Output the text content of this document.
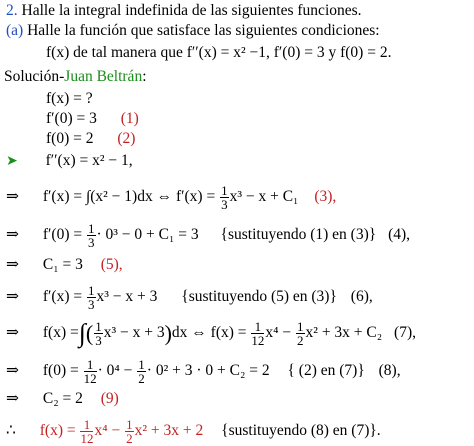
2. Halle la integral indefinida de las siguientes funciones.
(a) Halle la función que satisface las siguientes condiciones:
f(x) de tal manera que f′′(x) = x² −1, f′(0) = 3 y f(0) = 2.
Solución-Juan Beltrán:
f(x) = ?
f′(0) = 3 (1)
f(0) = 2 (2)
➤ f′′(x) = x² − 1,
⇒ f′(x) = ∫(x² − 1)dx ⇔ $f'(x) = \frac{1}{3} x^3 - x + C_1$ (3),
⇒ $f'(0) = \frac{1}{3} \cdot 0^3 - 0 + C_1 = 3$ {sustituyendo (1) en (3)} (4),
⇒ C₁ = 3 (5),
⇒ $f'(x) = \frac{1}{3} x^3 - x + 3$ {sustituyendo (5) en (3)} (6),
⇒ f(x) =∫( $\frac{1}{3} x^3 - x + 3)dx$ ⇔ $f(x) = \frac{1}{12} x^4 - \frac{1}{2} x^2 + 3x + C_2$ (7),
⇒ $f(0) = \frac{1}{12} \cdot 0^4 - \frac{1}{2} \cdot 0^2 + 3 \cdot 0 + C_2 = 2$ { (2) en (7)} (8),
⇒ C₂ = 2 (9)
∴ $f(x) = \frac{1}{12} x^4 - \frac{1}{2} x^2 + 3x + 2$ {sustituyendo (8) en (7)}.
